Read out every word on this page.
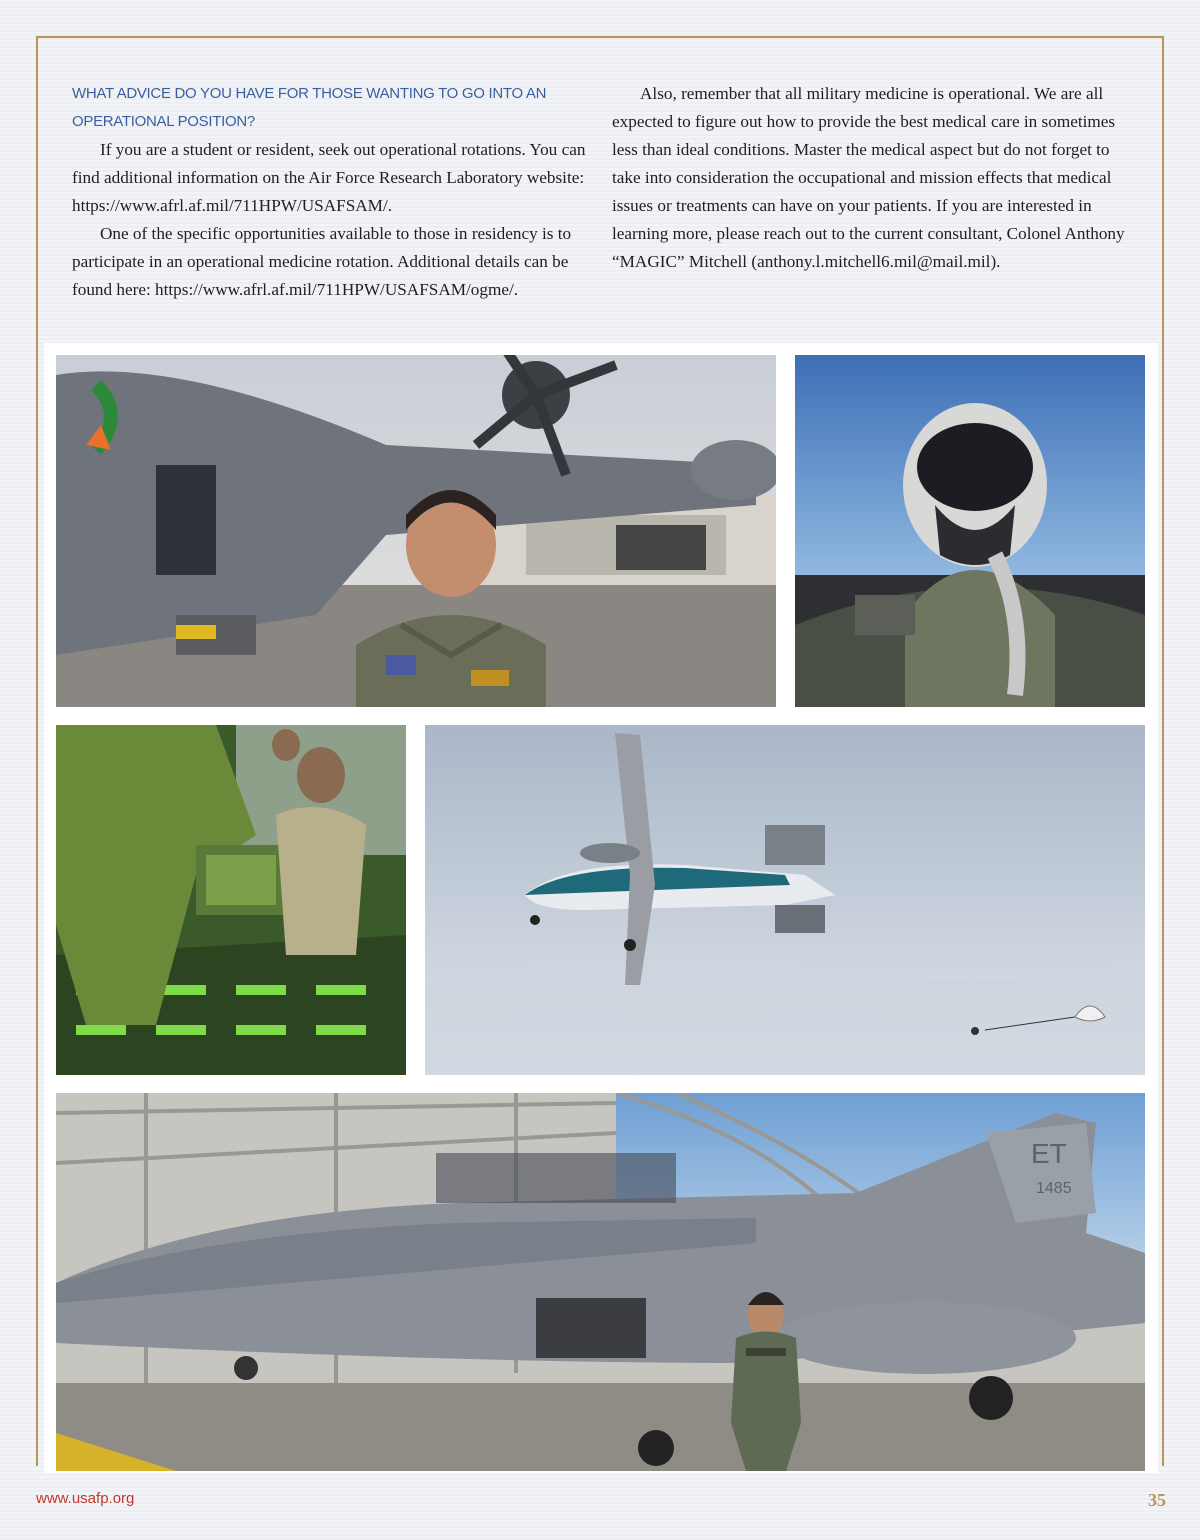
WHAT ADVICE DO YOU HAVE FOR THOSE WANTING TO GO INTO AN OPERATIONAL POSITION?

If you are a student or resident, seek out operational rotations. You can find additional information on the Air Force Research Laboratory website: https://www.afrl.af.mil/711HPW/USAFSAM/.

One of the specific opportunities available to those in residency is to participate in an operational medicine rotation. Additional details can be found here: https://www.afrl.af.mil/711HPW/USAFSAM/ogme/.

Also, remember that all military medicine is operational. We are all expected to figure out how to provide the best medical care in sometimes less than ideal conditions. Master the medical aspect but do not forget to take into consideration the occupational and mission effects that medical issues or treatments can have on your patients. If you are interested in learning more, please reach out to the current consultant, Colonel Anthony “MAGIC” Mitchell (anthony.l.mitchell6.mil@mail.mil).

ET
1485
www.usafp.org	35
